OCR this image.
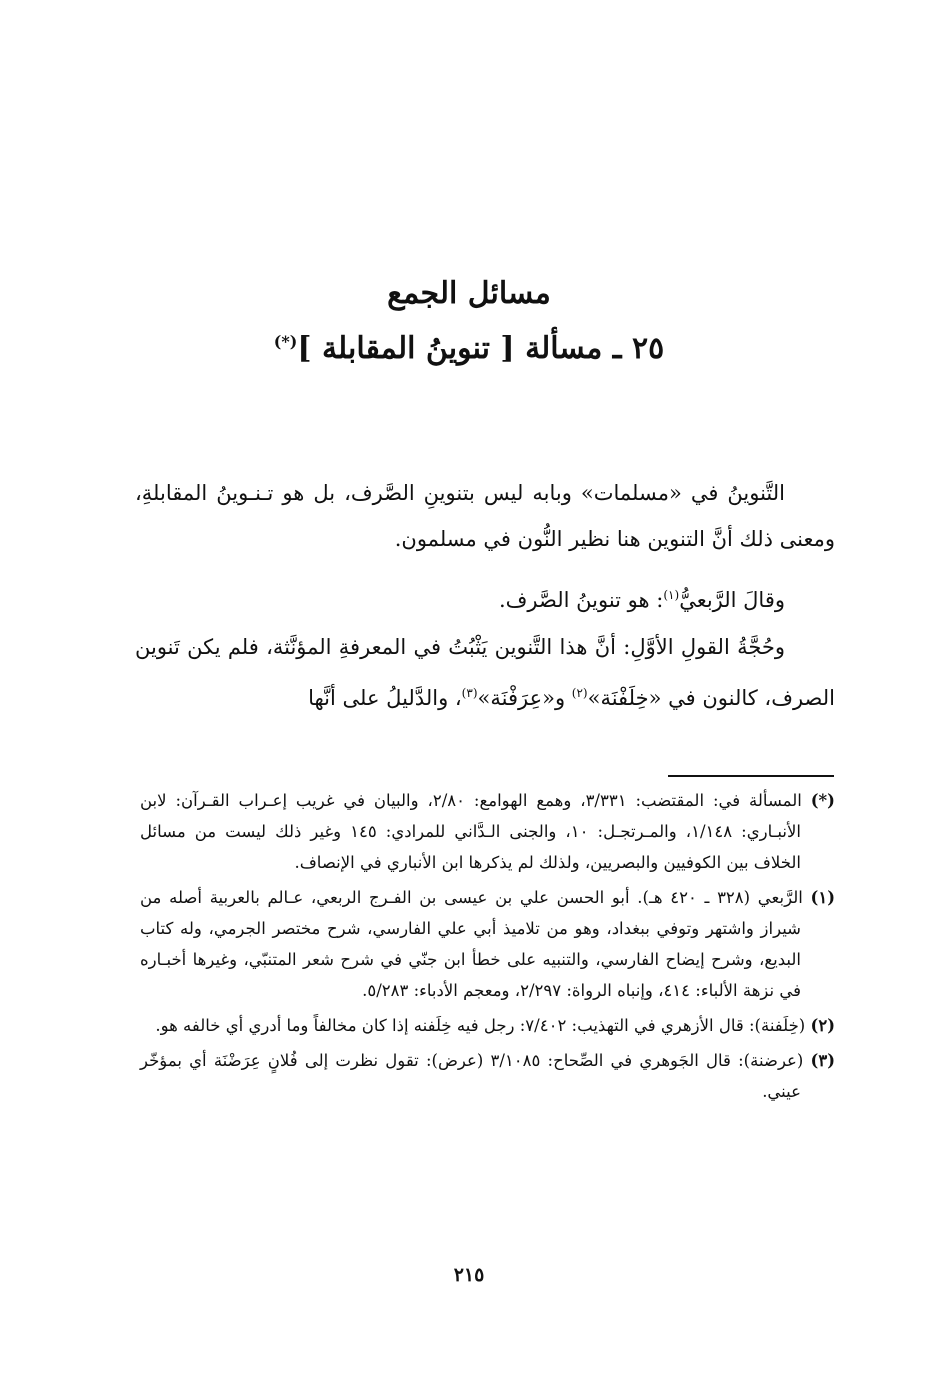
مسائل الجمع
٢٥ ـ مسألة [ تنوينُ المقابلة ](*)

التَّنوينُ في «مسلمات» وبابه ليس بتنوينِ الصَّرف، بل هو تـنـوينُ المقابلةِ، ومعنى ذلك أنَّ التنوين هنا نظير النُّون في مسلمون.

وقالَ الرَّبعيُّ$^{(١)}$: هو تنوينُ الصَّرف.

وحُجَّةُ القولِ الأوَّلِ: أنَّ هذا التَّنوين يَثْبُتُ في المعرفةِ المؤنَّثة، فلم يكن تَنوين الصرف، كالنون في «خِلَفْنَة»$^{(٢)}$ و«عِرَفْنَة»$^{(٣)}$، والدَّليلُ على أنَّها

(*) المسألة في: المقتضب: ٣/٣٣١، وهمع الهوامع: ٢/٨٠، والبيان في غريب إعـراب القـرآن: لابن الأنبـاري: ١/١٤٨، والمـرتجـل: ١٠، والجنى الـدَّاني للمرادي: ١٤٥ وغير ذلك ليست من مسائل الخلاف بين الكوفيين والبصريين، ولذلك لم يذكرها ابن الأنباري في الإنصاف.

(١) الرَّبعي (٣٢٨ ـ ٤٢٠ هـ). أبو الحسن علي بن عيسى بن الفـرج الربعي، عـالم بالعربية أصله من شيراز واشتهر وتوفي ببغداد، وهو من تلاميذ أبي علي الفارسي، شرح مختصر الجرمي، وله كتاب البديع، وشرح إيضاح الفارسي، والتنبيه على خطأ ابن جنّي في شرح شعر المتنبّي، وغيرها أخبـاره في نزهة الألباء: ٤١٤، وإنباه الرواة: ٢/٢٩٧، ومعجم الأدباء: ٥/٢٨٣.

(٢) (خِلَفنة): قال الأزهري في التهذيب: ٧/٤٠٢: رجل فيه خِلَفنه إذا كان مخالفاً وما أدري أي خالفه هو.

(٣) (عرضنة): قال الجَوهري في الصِّحاح: ٣/١٠٨٥ (عرض): تقول نظرت إلى فُلانٍ عِرَضْنَة أي بمؤخّر عيني.

٢١٥
